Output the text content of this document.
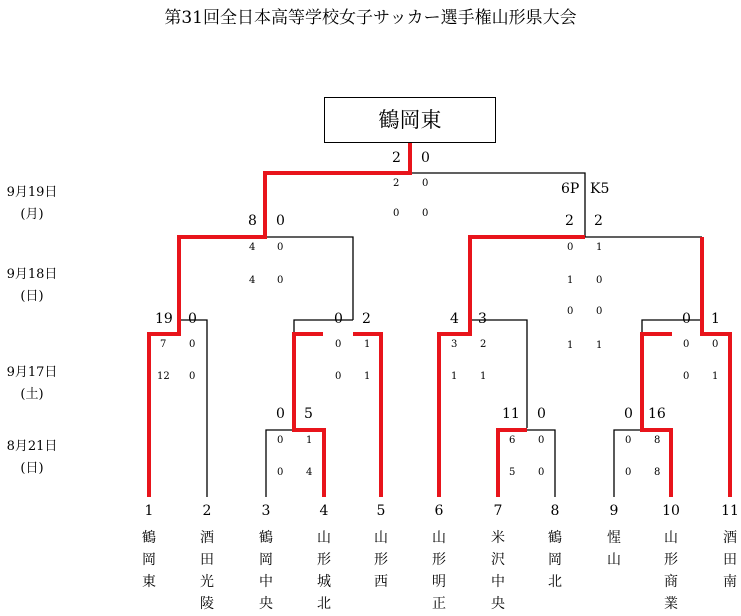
第31回全日本高等学校女子サッカー選手権山形県大会
鶴岡東
9月19日
(月)
9月18日
(日)
9月17日
(土)
8月21日
(日)
2 0
2 0
0 0
8 0
4 0
4 0
6P K5
2 2
0 1
1 0
0 0
1 1
19 0
7 0
12 0
0 2
0 1
0 1
4 3
3 2
1 1
0 1
0 0
0 1
0 5
0 1
0 4
11 0
6 0
5 0
0 16
0 8
0 8
1
鶴
岡
東
2
酒
田
光
陵
3
鶴
岡
中
央
4
山
形
城
北
5
山
形
西
6
山
形
明
正
7
米
沢
中
央
8
鶴
岡
北
9
惺
山
10
山
形
商
業
11
酒
田
南
